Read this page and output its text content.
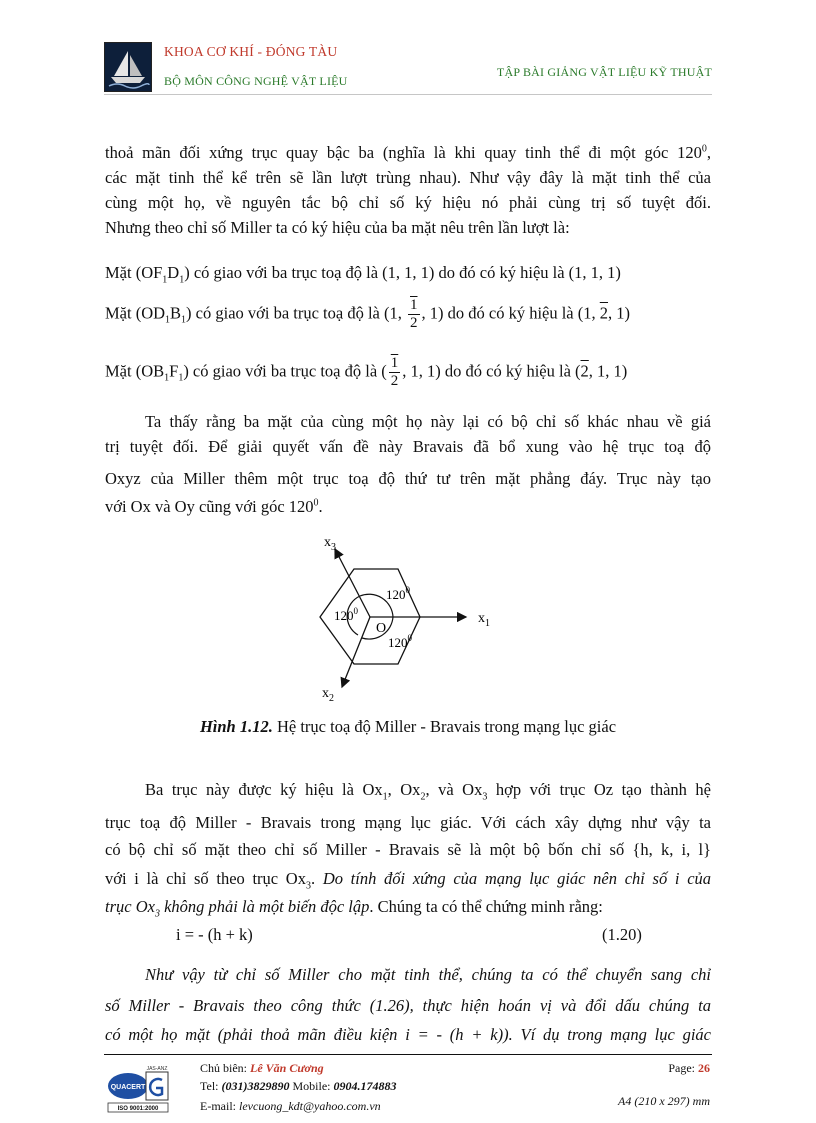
KHOA CƠ KHÍ - ĐÓNG TÀU
BỘ MÔN CÔNG NGHỆ VẬT LIỆU
TẬP BÀI GIẢNG VẬT LIỆU KỸ THUẬT

thoả mãn đối xứng trục quay bậc ba (nghĩa là khi quay tinh thể đi một góc $120^0$,

các mặt tinh thể kể trên sẽ lần lượt trùng nhau). Như vậy đây là mặt tinh thể của

cùng một họ, về nguyên tắc bộ chỉ số ký hiệu nó phải cùng trị số tuyệt đối.

Nhưng theo chỉ số Miller ta có ký hiệu của ba mặt nêu trên lần lượt là:

Mặt $(OF_1D_1)$ có giao với ba trục toạ độ là (1, 1, 1) do đó có ký hiệu là (1, 1, 1)

Mặt $(OD_1B_1)$ có giao với ba trục toạ độ là (1, $\frac{1}{2}$ , 1) do đó có ký hiệu là (1, 2, 1)

Mặt $(OB_1F_1)$ có giao với ba trục toạ độ là ( $\frac{1}{2}$ , 1, 1) do đó có ký hiệu là (2, 1, 1)

Ta thấy rằng ba mặt của cùng một họ này lại có bộ chỉ số khác nhau về giá

trị tuyệt đối. Để giải quyết vấn đề này Bravais đã bổ xung vào hệ trục toạ độ

Oxyz của Miller thêm một trục toạ độ thứ tư trên mặt phẳng đáy. Trục này tạo

với Ox và Oy cũng với góc $120^0$.

$x_3$
$x_1$
$x_2$
O
$120^0$
$120^0$
$120^0$
Hình 1.12. Hệ trục toạ độ Miller - Bravais trong mạng lục giác

Ba trục này được ký hiệu là $Ox_1$, $Ox_2$, và $Ox_3$ hợp với trục Oz tạo thành hệ

trục toạ độ Miller - Bravais trong mạng lục giác. Với cách xây dựng như vậy ta

có bộ chỉ số mặt theo chỉ số Miller - Bravais sẽ là một bộ bốn chỉ số {h, k, i, l}

với i là chỉ số theo trục $Ox_3$. Do tính đối xứng của mạng lục giác nên chỉ số i của

trục $Ox_3$ không phải là một biến độc lập. Chúng ta có thể chứng minh rằng:

i = - (h + k)	(1.20)

Như vậy từ chỉ số Miller cho mặt tinh thể, chúng ta có thể chuyển sang chỉ

số Miller - Bravais theo công thức (1.26), thực hiện hoán vị và đổi dấu chúng ta

có một họ mặt (phải thoả mãn điều kiện i = - (h + k)). Ví dụ trong mạng lục giác

QUACERT
JAS-ANZ
ISO 9001:2000
Chủ biên: Lê Văn Cương
Tel: (031)3829890 Mobile: 0904.174883
E-mail: levcuong_kdt@yahoo.com.vn
Page: 26
A4 (210 x 297) mm
